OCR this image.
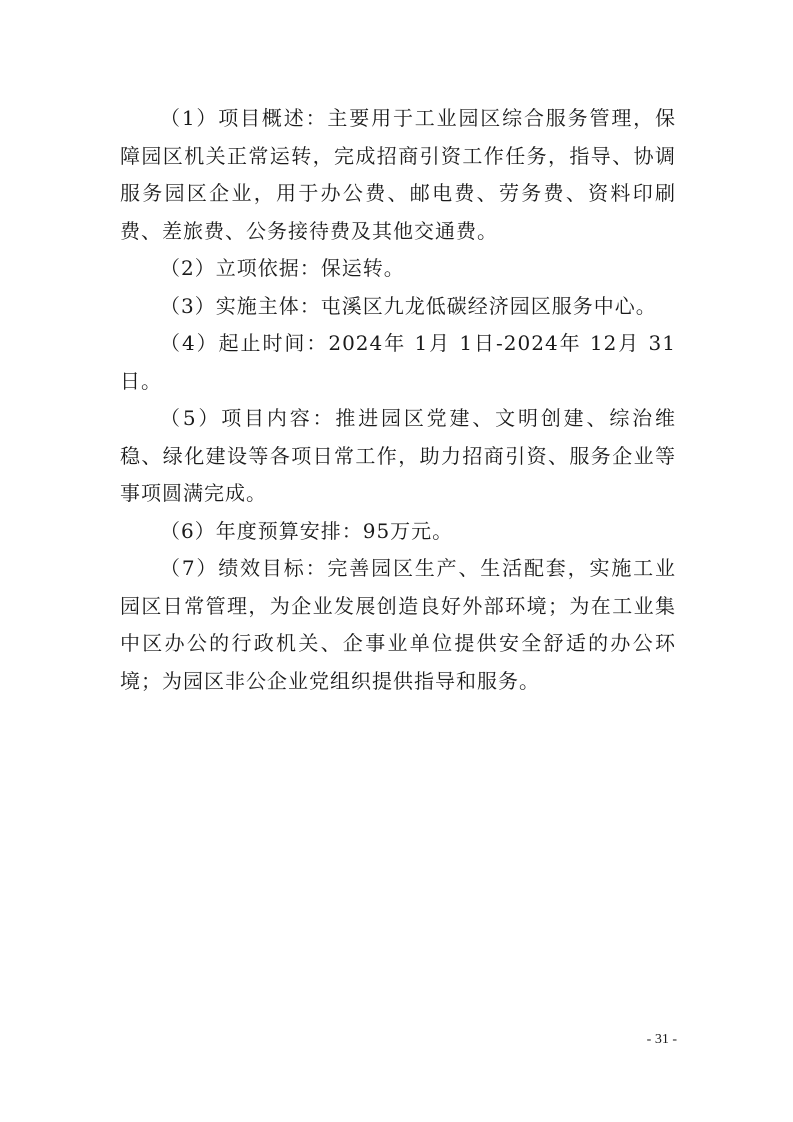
（1）项目概述：主要用于工业园区综合服务管理，保障园区机关正常运转，完成招商引资工作任务，指导、协调服务园区企业，用于办公费、邮电费、劳务费、资料印刷费、差旅费、公务接待费及其他交通费。

（2）立项依据：保运转。

（3）实施主体：屯溪区九龙低碳经济园区服务中心。

（4）起止时间：2024年 1月 1日-2024年 12月 31日。

（5）项目内容：推进园区党建、文明创建、综治维稳、绿化建设等各项日常工作，助力招商引资、服务企业等事项圆满完成。

（6）年度预算安排：95万元。

（7）绩效目标：完善园区生产、生活配套，实施工业园区日常管理，为企业发展创造良好外部环境；为在工业集中区办公的行政机关、企事业单位提供安全舒适的办公环境；为园区非公企业党组织提供指导和服务。

- 31 -
